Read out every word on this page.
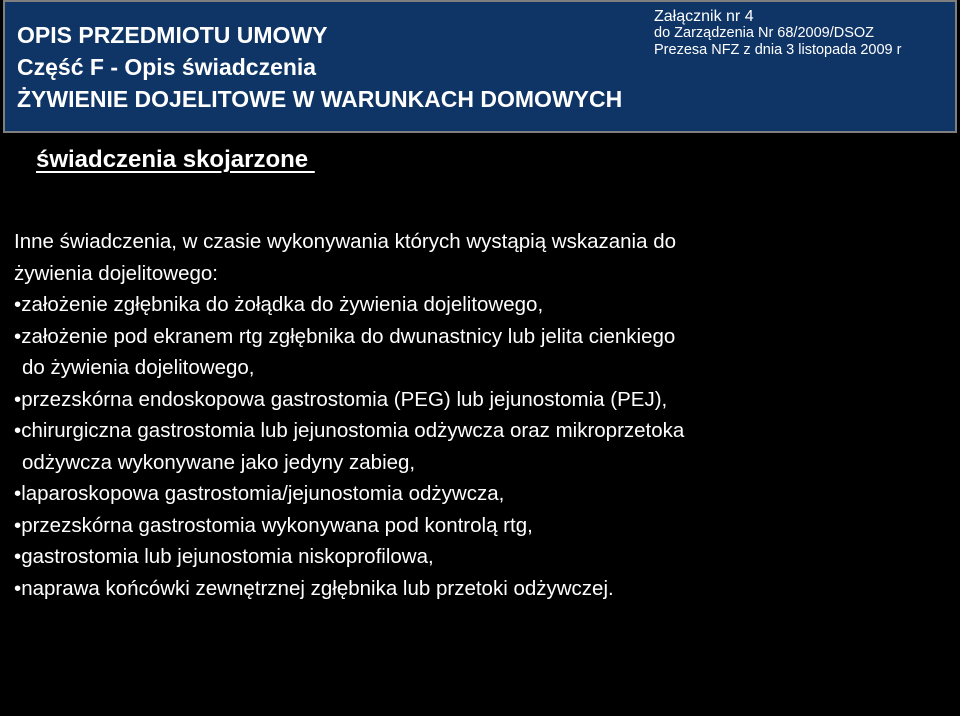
OPIS PRZEDMIOTU UMOWY
Część F - Opis świadczenia
ŻYWIENIE DOJELITOWE W WARUNKACH DOMOWYCH
Załącznik nr 4
do Zarządzenia Nr 68/2009/DSOZ
Prezesa NFZ z dnia 3 listopada 2009 r
świadczenia skojarzone
Inne świadczenia, w czasie wykonywania których wystąpią wskazania do
żywienia dojelitowego:
• założenie zgłębnika do żołądka do żywienia dojelitowego,
• założenie pod ekranem rtg zgłębnika do dwunastnicy lub jelita cienkiego
do żywienia dojelitowego,
• przezskórna endoskopowa gastrostomia (PEG) lub jejunostomia (PEJ),
• chirurgiczna gastrostomia lub jejunostomia odżywcza oraz mikroprzetoka
odżywcza wykonywane jako jedyny zabieg,
• laparoskopowa gastrostomia/jejunostomia odżywcza,
• przezskórna gastrostomia wykonywana pod kontrolą rtg,
• gastrostomia lub jejunostomia niskoprofilowa,
• naprawa końcówki zewnętrznej zgłębnika lub przetoki odżywczej.
